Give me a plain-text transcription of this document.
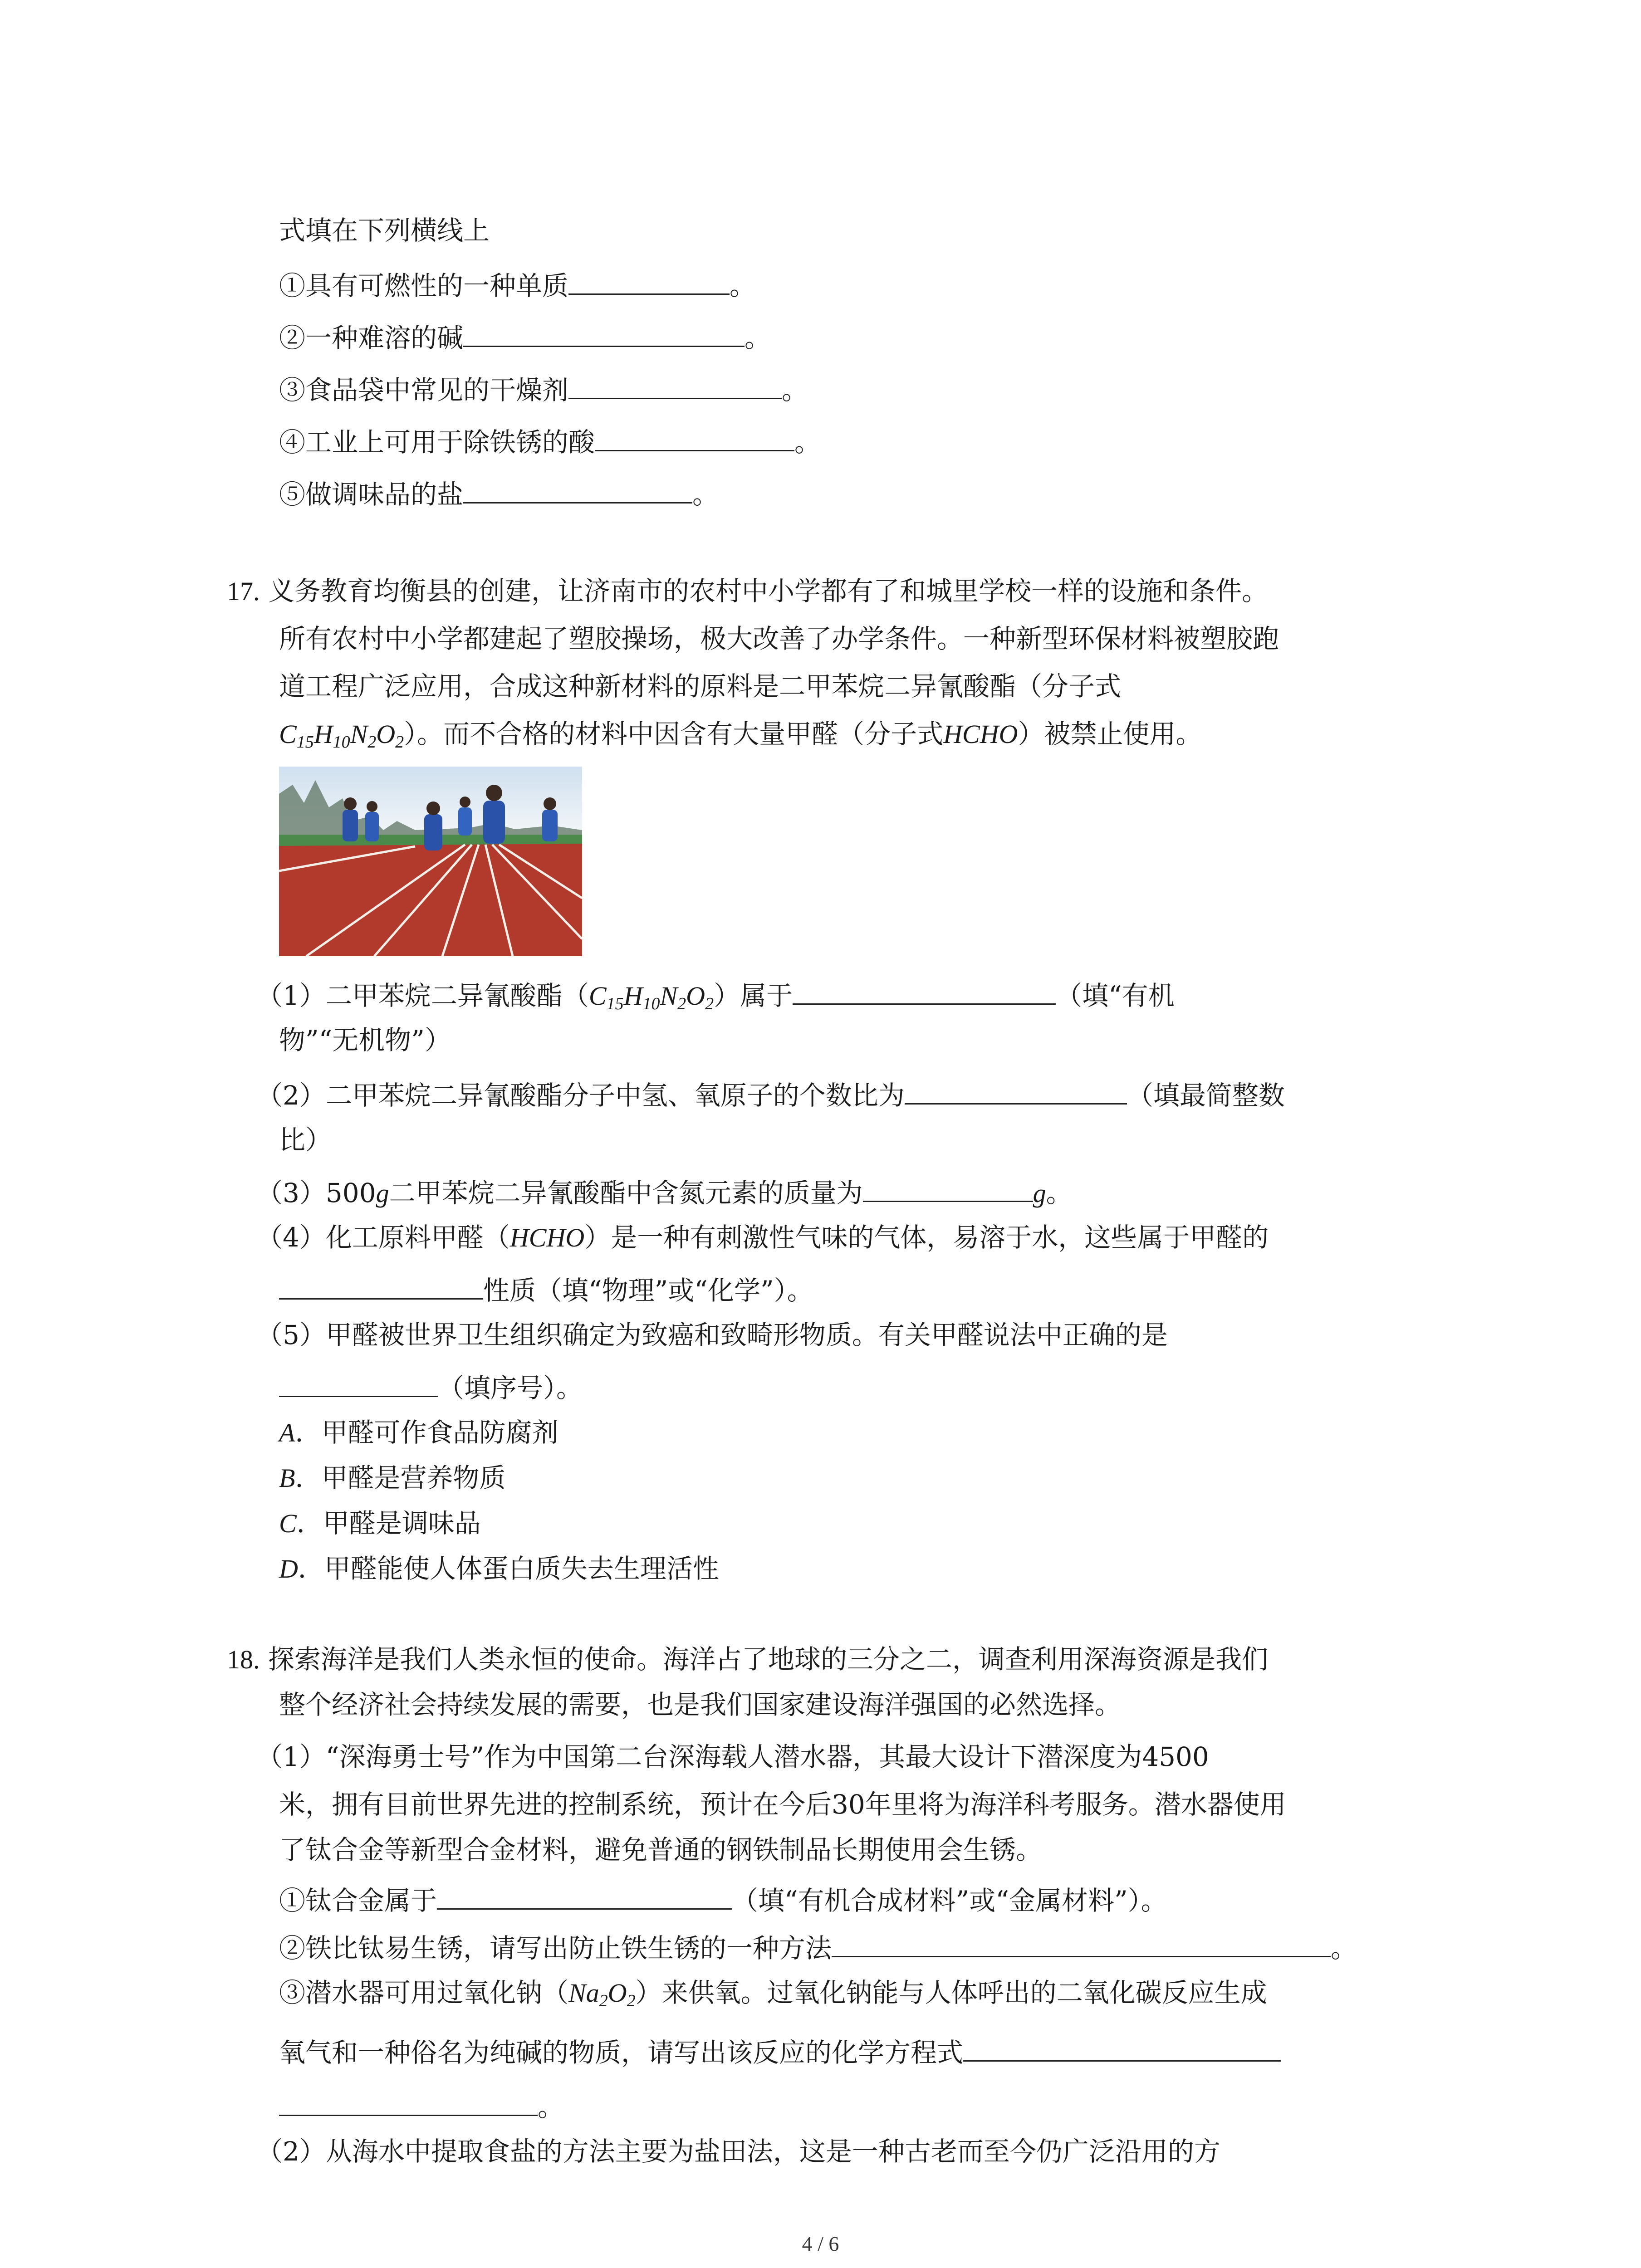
式填在下列横线上
①具有可燃性的一种单质	。
②一种难溶的碱	。
③食品袋中常见的干燥剂	。
④工业上可用于除铁锈的酸	。
⑤做调味品的盐	。
17. 义务教育均衡县的创建，让济南市的农村中小学都有了和城里学校一样的设施和条件。
所有农村中小学都建起了塑胶操场，极大改善了办学条件。一种新型环保材料被塑胶跑
道工程广泛应用，合成这种新材料的原料是二甲苯烷二异氰酸酯（分子式
$C_{15}H_{10}N_2O_2$）。而不合格的材料中因含有大量甲醛（分子式HCHO）被禁止使用。
（1）二甲苯烷二异氰酸酯$(C_{15}H_{10}N_2O_2)$属于	（填“有机
物”“无机物”）
（2）二甲苯烷二异氰酸酯分子中氢、氧原子的个数比为	（填最简整数
比）
（3）500g二甲苯烷二异氰酸酯中含氮元素的质量为	g。
（4）化工原料甲醛（HCHO）是一种有刺激性气味的气体，易溶于水，这些属于甲醛的
性质（填“物理”或“化学”）。
（5）甲醛被世界卫生组织确定为致癌和致畸形物质。有关甲醛说法中正确的是
（填序号）。
A．甲醛可作食品防腐剂
B．甲醛是营养物质
C．甲醛是调味品
D．甲醛能使人体蛋白质失去生理活性
18. 探索海洋是我们人类永恒的使命。海洋占了地球的三分之二，调查利用深海资源是我们
整个经济社会持续发展的需要，也是我们国家建设海洋强国的必然选择。
（1）“深海勇士号”作为中国第二台深海载人潜水器，其最大设计下潜深度为4500
米，拥有目前世界先进的控制系统，预计在今后30年里将为海洋科考服务。潜水器使用
了钛合金等新型合金材料，避免普通的钢铁制品长期使用会生锈。
①钛合金属于	（填“有机合成材料”或“金属材料”）。
②铁比钛易生锈，请写出防止铁生锈的一种方法	。
③潜水器可用过氧化钠$(Na_2O_2)$来供氧。过氧化钠能与人体呼出的二氧化碳反应生成
氧气和一种俗名为纯碱的物质，请写出该反应的化学方程式
。
（2）从海水中提取食盐的方法主要为盐田法，这是一种古老而至今仍广泛沿用的方
4 / 6
